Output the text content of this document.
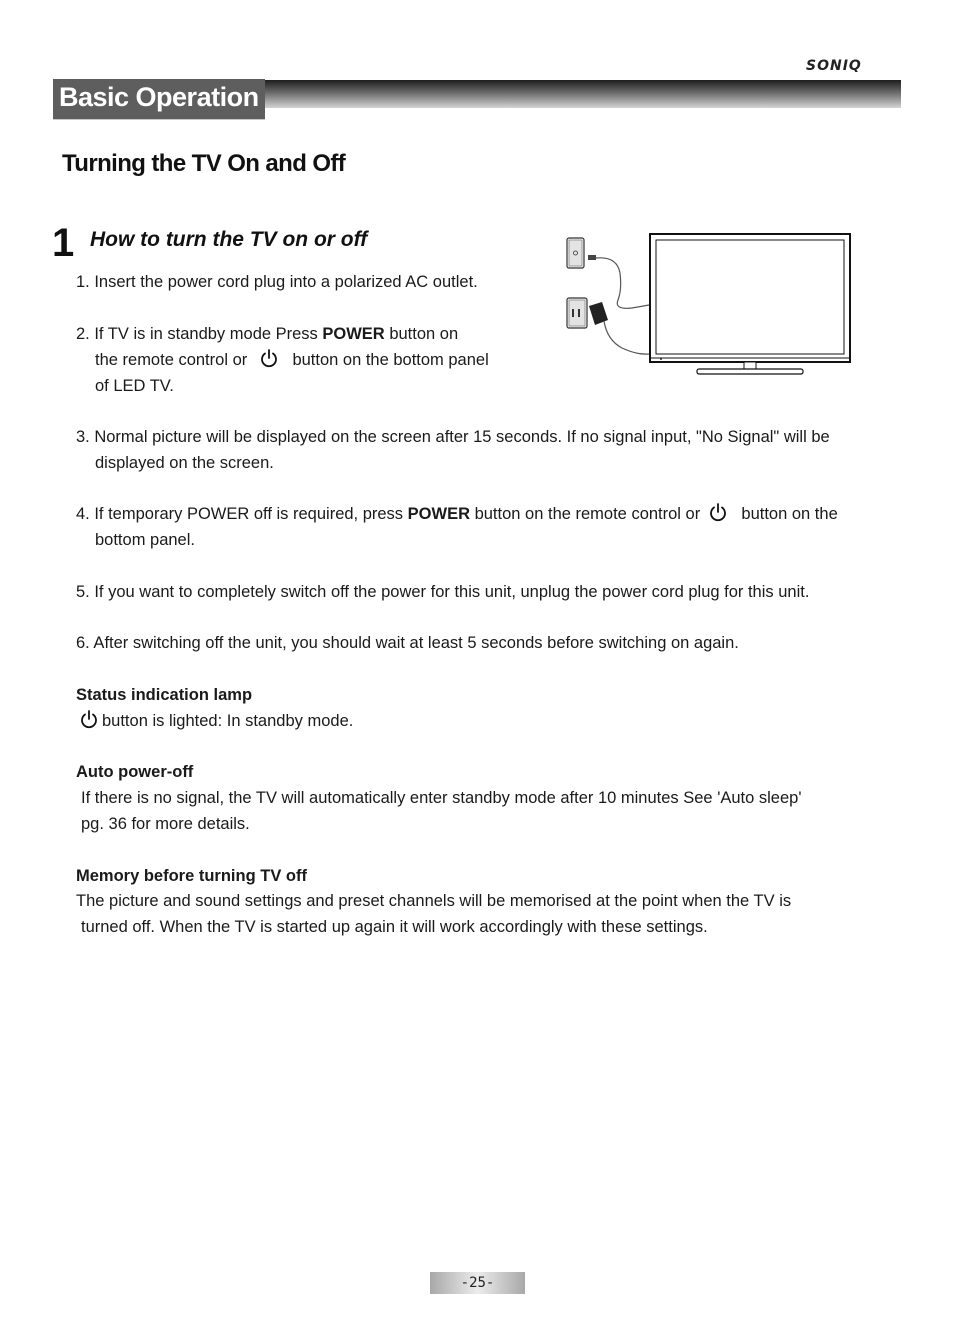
SONIQ
Basic Operation
Turning the TV On and Off
1 How to turn the TV on or off
1. Insert the power cord plug into a polarized AC outlet.
2. If TV is in standby mode Press POWER button on
the remote control or	button on the bottom panel
of LED TV.
3. Normal picture will be displayed on the screen after 15 seconds. If no signal input, "No Signal" will be
displayed on the screen.
4. If temporary POWER off is required, press POWER button on the remote control or button on the
bottom panel.
5. If you want to completely switch off the power for this unit, unplug the power cord plug for this unit.
6. After switching off the unit, you should wait at least 5 seconds before switching on again.
Status indication lamp
button is lighted: In standby mode.
Auto power-off
If there is no signal, the TV will automatically enter standby mode after 10 minutes See 'Auto sleep'
pg. 36 for more details.
Memory before turning TV off
The picture and sound settings and preset channels will be memorised at the point when the TV is
turned off. When the TV is started up again it will work accordingly with these settings.
-25-
